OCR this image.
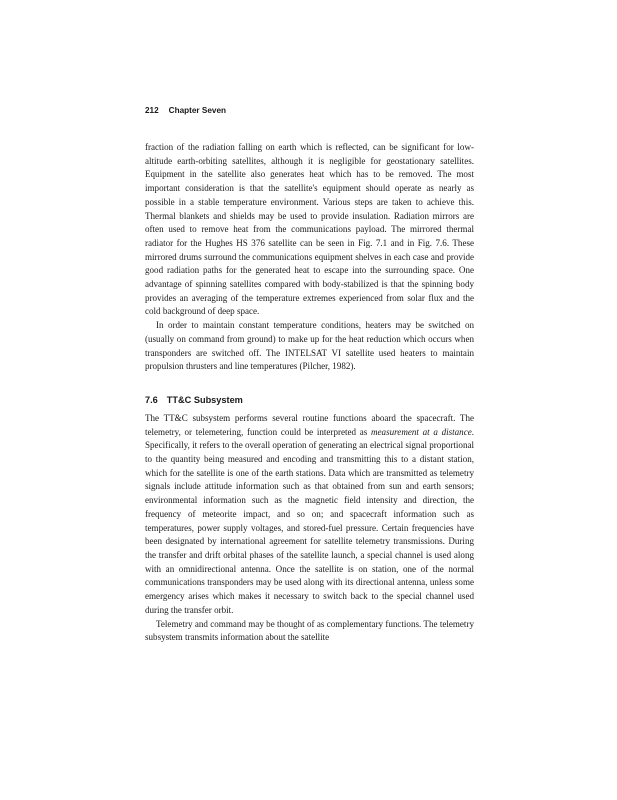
212 Chapter Seven

fraction of the radiation falling on earth which is reflected, can be significant for low-altitude earth-orbiting satellites, although it is negligible for geostationary satellites. Equipment in the satellite also generates heat which has to be removed. The most important consideration is that the satellite's equipment should operate as nearly as possible in a stable temperature environment. Various steps are taken to achieve this. Thermal blankets and shields may be used to provide insulation. Radiation mirrors are often used to remove heat from the communications payload. The mirrored thermal radiator for the Hughes HS 376 satellite can be seen in Fig. 7.1 and in Fig. 7.6. These mirrored drums surround the communications equipment shelves in each case and provide good radiation paths for the generated heat to escape into the surrounding space. One advantage of spinning satellites compared with body-stabilized is that the spinning body provides an averaging of the temperature extremes experienced from solar flux and the cold background of deep space.

In order to maintain constant temperature conditions, heaters may be switched on (usually on command from ground) to make up for the heat reduction which occurs when transponders are switched off. The INTELSAT VI satellite used heaters to maintain propulsion thrusters and line temperatures (Pilcher, 1982).

7.6 TT&C Subsystem

The TT&C subsystem performs several routine functions aboard the spacecraft. The telemetry, or telemetering, function could be interpreted as measurement at a distance. Specifically, it refers to the overall operation of generating an electrical signal proportional to the quantity being measured and encoding and transmitting this to a distant station, which for the satellite is one of the earth stations. Data which are transmitted as telemetry signals include attitude information such as that obtained from sun and earth sensors; environmental information such as the magnetic field intensity and direction, the frequency of meteorite impact, and so on; and spacecraft information such as temperatures, power supply voltages, and stored-fuel pressure. Certain frequencies have been designated by international agreement for satellite telemetry transmissions. During the transfer and drift orbital phases of the satellite launch, a special channel is used along with an omnidirectional antenna. Once the satellite is on station, one of the normal communications transponders may be used along with its directional antenna, unless some emergency arises which makes it necessary to switch back to the special channel used during the transfer orbit.

Telemetry and command may be thought of as complementary functions. The telemetry subsystem transmits information about the satellite
